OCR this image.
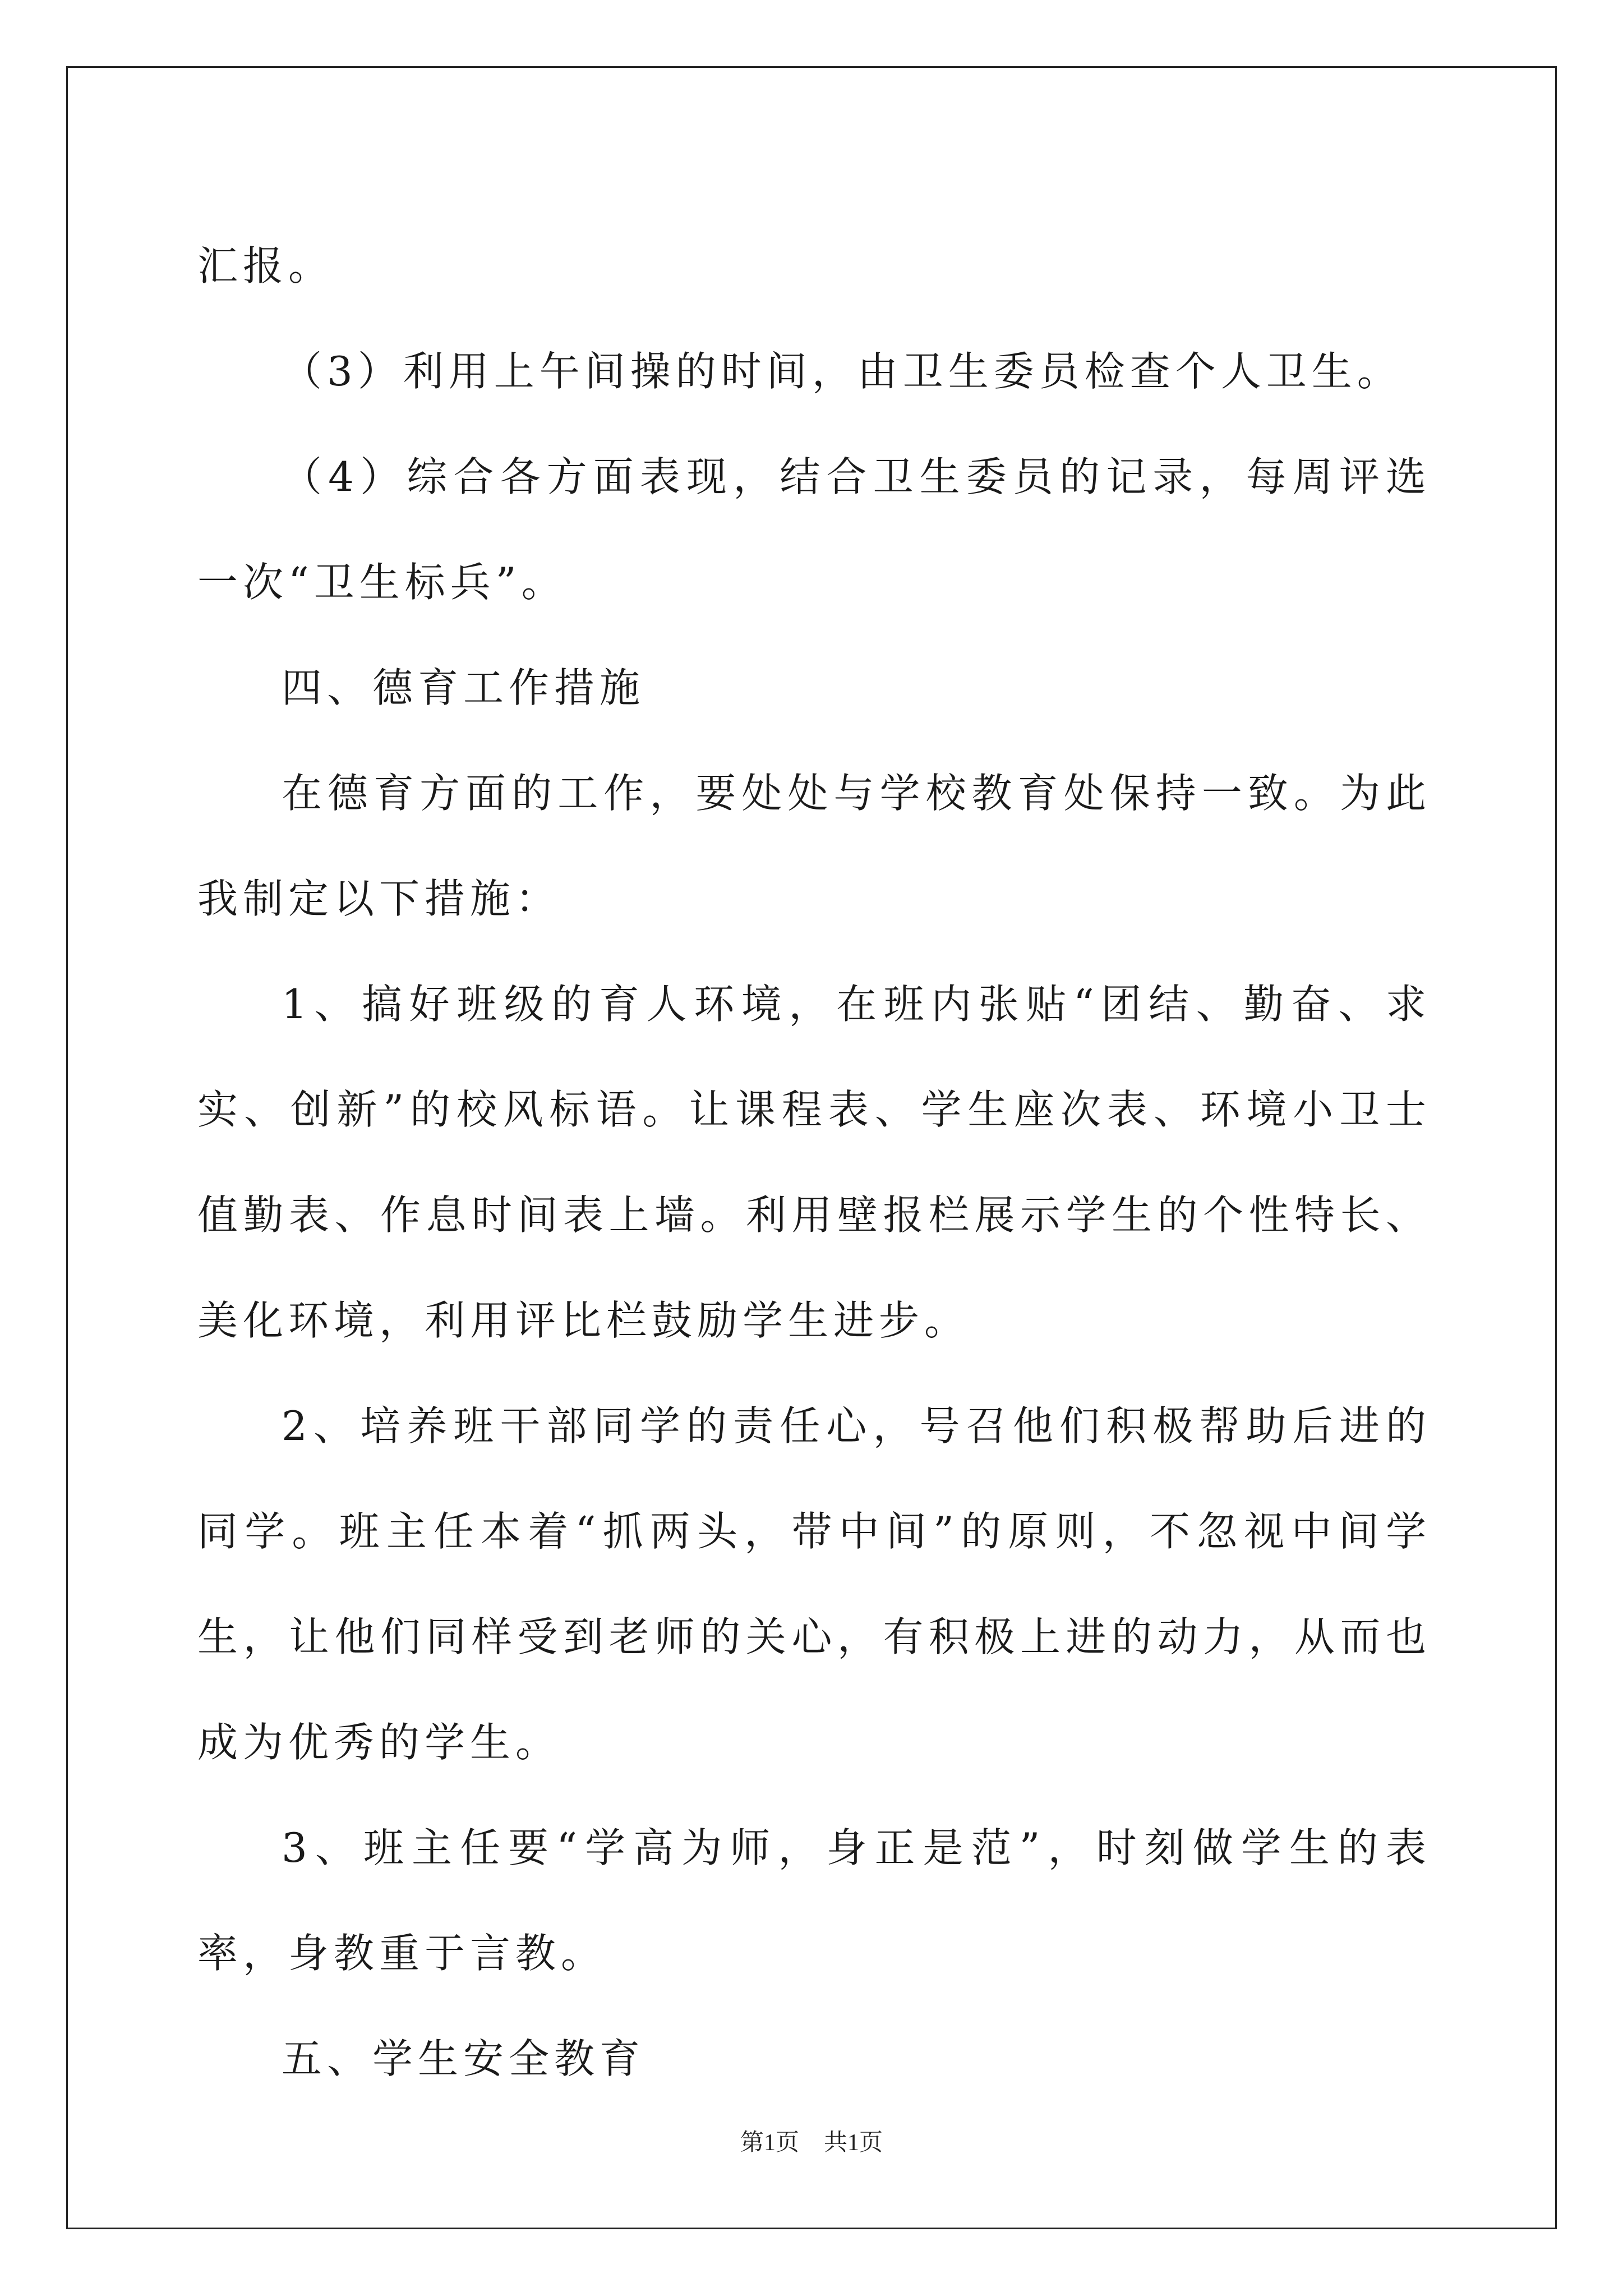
汇报。

（3）利用上午间操的时间，由卫生委员检查个人卫生。

（4）综合各方面表现，结合卫生委员的记录，每周评选一次“卫生标兵”。

四、德育工作措施

在德育方面的工作，要处处与学校教育处保持一致。为此我制定以下措施：

1、搞好班级的育人环境，在班内张贴“团结、勤奋、求实、创新”的校风标语。让课程表、学生座次表、环境小卫士值勤表、作息时间表上墙。利用壁报栏展示学生的个性特长、美化环境，利用评比栏鼓励学生进步。

2、培养班干部同学的责任心，号召他们积极帮助后进的同学。班主任本着“抓两头，带中间”的原则，不忽视中间学生，让他们同样受到老师的关心，有积极上进的动力，从而也成为优秀的学生。

3、班主任要“学高为师，身正是范”，时刻做学生的表率，身教重于言教。

五、学生安全教育

第1页 共1页
